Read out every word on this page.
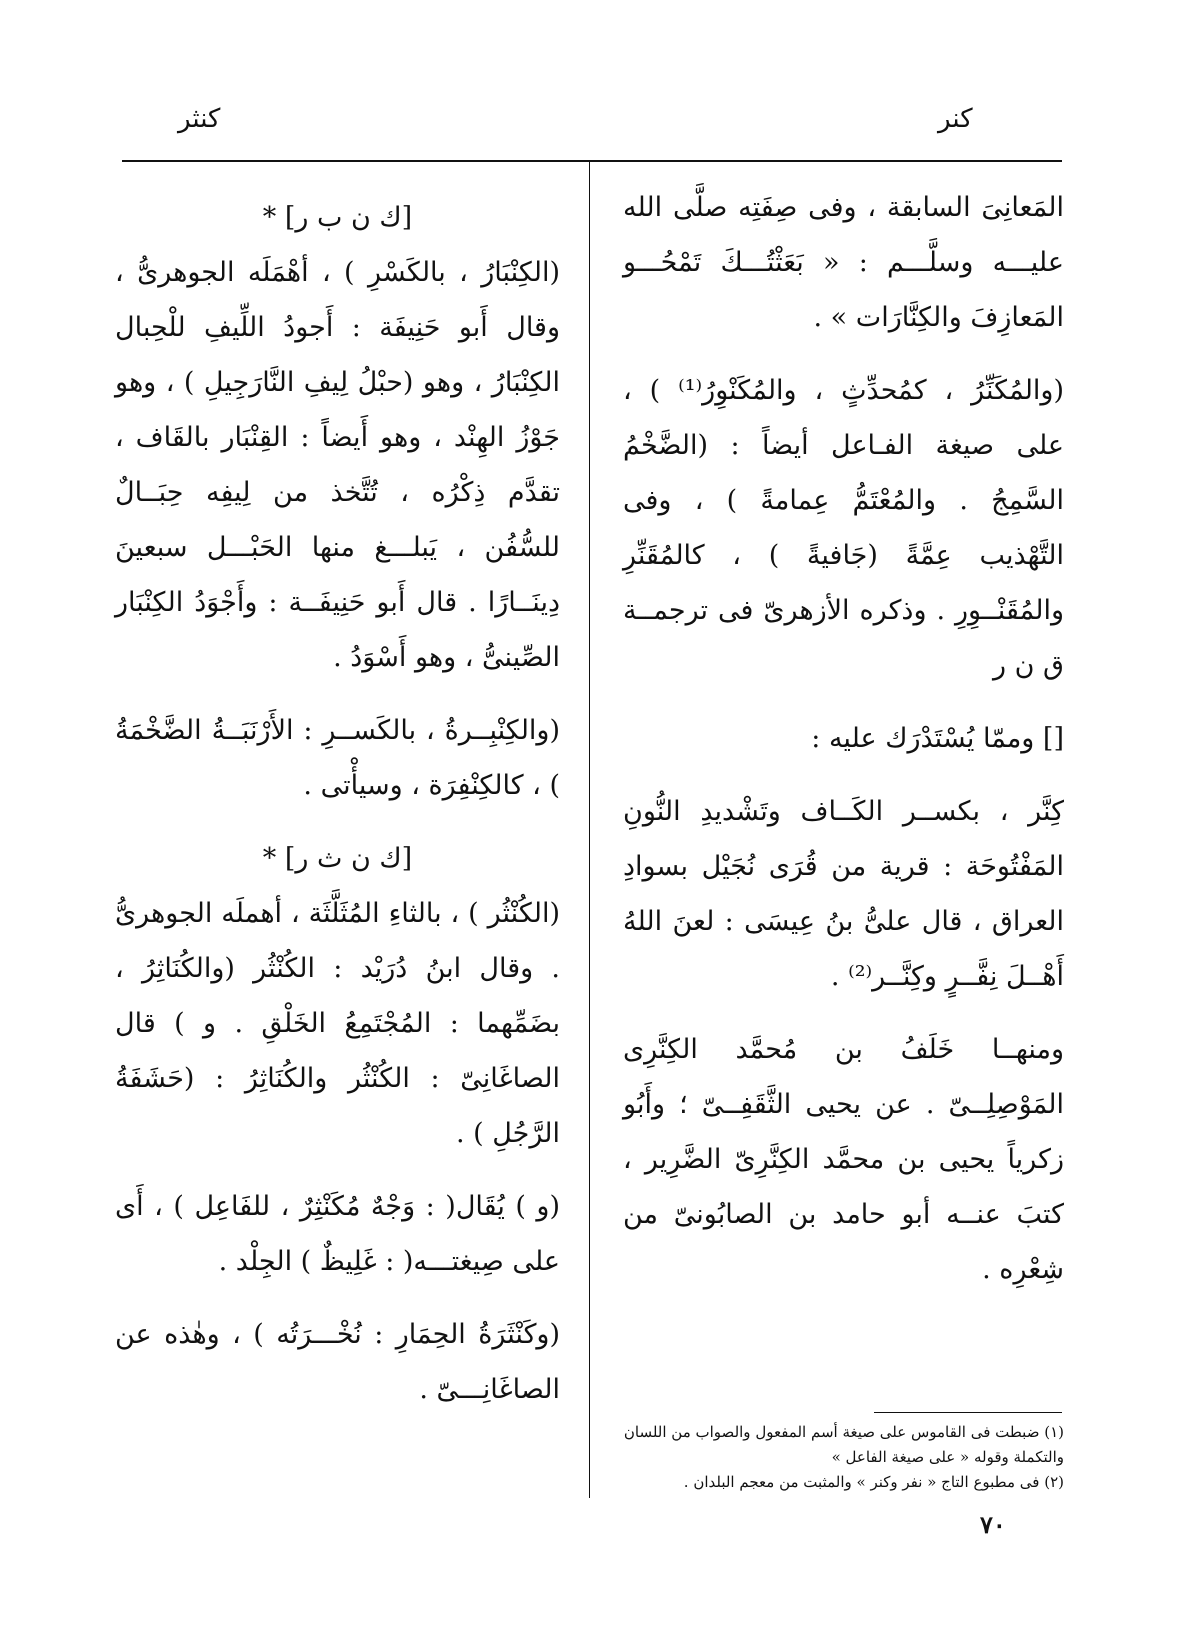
كنثر	كنر

المَعانِىَ السابقة ، وفى صِفَتِه صلَّى الله عليـــه وسلَّـــم : « بَعَثْتُـــكَ تَمْحُـــو المَعازِفَ والكِنَّارَات » .

(والمُكَنِّرُ ، كمُحدِّثٍ ، والمُكَنْوِرُ⁽¹⁾ ) ، على صيغة الفـاعل أيضاً : (الضَّخْمُ السَّمِجُ . والمُعْتَمُّ عِمامةً ) ، وفى التَّهْذيب عِمَّةً (جَافيةً ) ، كالمُقَنِّرِ والمُقَنْــوِرِ . وذكره الأزهرىّ فى ترجمــة ق ن ر

[] وممّا يُسْتَدْرَك عليه :

كِنَّر ، بكســر الكَــاف وتَشْديدِ النُّونِ المَفْتُوحَة : قرية من قُرَى نُجَيْل بسوادِ العراق ، قال علىُّ بنُ عِيسَى : لعنَ اللهُ أَهْــلَ نِفَّــرٍ وكِنَّــر⁽²⁾ .

ومنهــا خَلَفُ بن مُحمَّد الكِنَّرِى المَوْصِلِــىّ . عن يحيى الثَّقَفِــىّ ؛ وأَبُو زكرياً يحيى بن محمَّد الكِنَّرِىّ الضَّرِير ، كتبَ عنــه أبو حامد بن الصابُونىّ من شِعْرِه .

[ك ن ب ر] *

(الكِنْبَارُ ، بالكَسْرِ ) ، أهْمَلَه الجوهرىُّ ، وقال أَبو حَنِيفَة : أَجودُ اللِّيفِ للْحِبال الكِنْبَارُ ، وهو (حبْلُ لِيفِ النَّارَجِيلِ ) ، وهو جَوْزُ الهِنْد ، وهو أَيضاً : القِنْبَار بالقَاف ، تقدَّم ذِكْرُه ، تُتَّخذ من لِيفِه حِبَــالٌ للسُّفُن ، يَبلـــغ منها الحَبْـــل سبعينَ دِينَــارًا . قال أَبو حَنِيفَــة : وأَجْوَدُ الكِنْبَار الصِّينىُّ ، وهو أَسْوَدُ .

(والكِنْبِــرةُ ، بالكَســرِ : الأَرْنَبَــةُ الضَّخْمَةُ ) ، كالكِنْفِرَة ، وسيأْتى .

[ك ن ث ر] *

(الكُنْثُر ) ، بالثاءِ المُثَلَّثَة ، أهملَه الجوهرىُّ . وقال ابنُ دُرَيْد : الكُنْثُر (والكُنَاثِرُ ، بضَمِّهما : المُجْتَمِعُ الخَلْقِ . و ) قال الصاغَانِىّ : الكُنْثُر والكُنَاثِرُ : (حَشَفَةُ الرَّجُلِ ) .

(و ) يُقَال( : وَجْهٌ مُكَنْثِرٌ ، للفَاعِل ) ، أَى على صِيغتـــه( : غَلِيظٌ ) الجِلْد .

(وكَنْثَرَةُ الحِمَارِ : نُخْـــرَتُه ) ، وهٰذه عن الصاغَانِـــىّ .

(١) ضبطت فى القاموس على صيغة أسم المفعول والصواب من اللسان والتكملة وقوله « على صيغة الفاعل »

(٢) فى مطبوع التاج « نفر وكنر » والمثبت من معجم البلدان .

٧٠
